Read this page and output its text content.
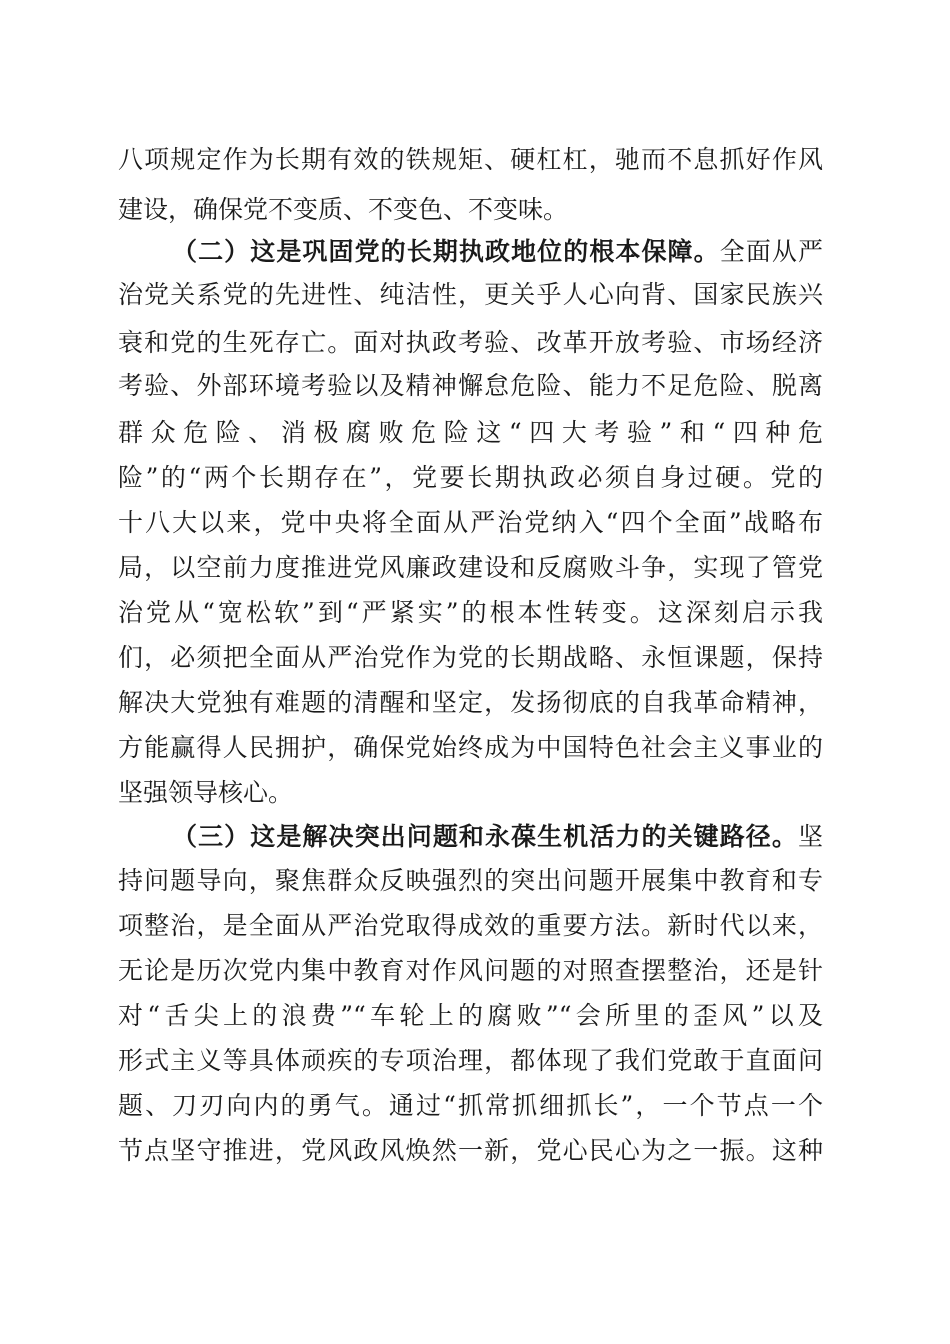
八项规定作为长期有效的铁规矩、硬杠杠，驰而不息抓好作风
建设，确保党不变质、不变色、不变味。
（二）这是巩固党的长期执政地位的根本保障。全面从严
治党关系党的先进性、纯洁性，更关乎人心向背、国家民族兴
衰和党的生死存亡。面对执政考验、改革开放考验、市场经济
考验、外部环境考验以及精神懈怠危险、能力不足危险、脱离
群众危险、消极腐败危险这“四大考验”和“四种危
险”的“两个长期存在”，党要长期执政必须自身过硬。党的
十八大以来，党中央将全面从严治党纳入“四个全面”战略布
局，以空前力度推进党风廉政建设和反腐败斗争，实现了管党
治党从“宽松软”到“严紧实”的根本性转变。这深刻启示我
们，必须把全面从严治党作为党的长期战略、永恒课题，保持
解决大党独有难题的清醒和坚定，发扬彻底的自我革命精神，
方能赢得人民拥护，确保党始终成为中国特色社会主义事业的
坚强领导核心。
（三）这是解决突出问题和永葆生机活力的关键路径。坚
持问题导向，聚焦群众反映强烈的突出问题开展集中教育和专
项整治，是全面从严治党取得成效的重要方法。新时代以来，
无论是历次党内集中教育对作风问题的对照查摆整治，还是针
对“舌尖上的浪费”“车轮上的腐败”“会所里的歪风”以及
形式主义等具体顽疾的专项治理，都体现了我们党敢于直面问
题、刀刃向内的勇气。通过“抓常抓细抓长”，一个节点一个
节点坚守推进，党风政风焕然一新，党心民心为之一振。这种
